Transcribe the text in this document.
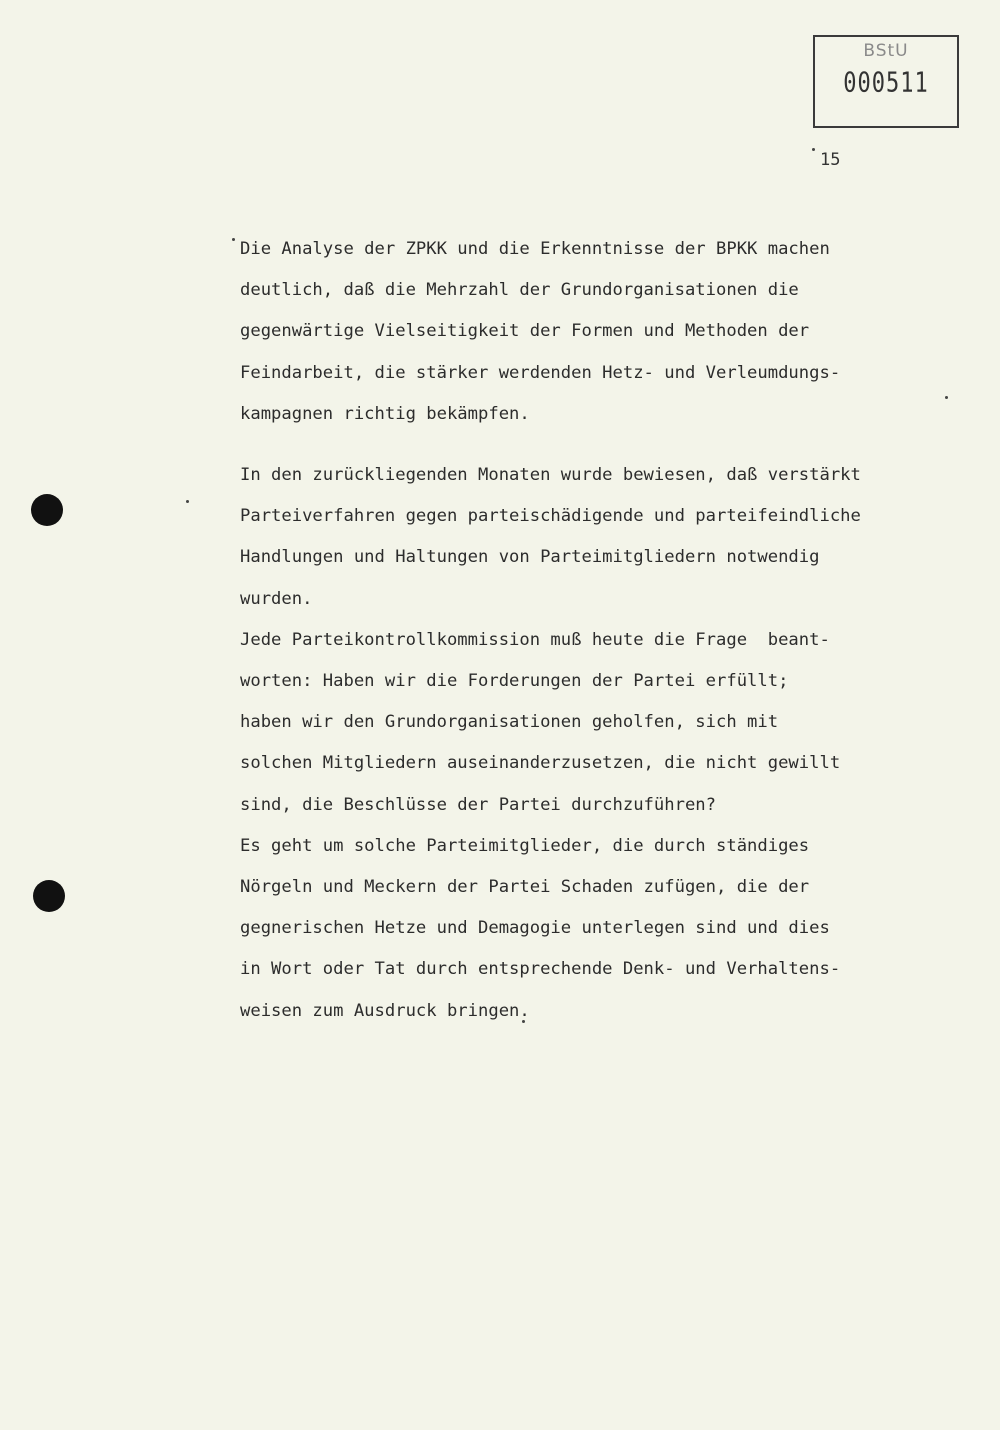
BStU
000511
15

Die Analyse der ZPKK und die Erkenntnisse der BPKK machen

deutlich, daß die Mehrzahl der Grundorganisationen die

gegenwärtige Vielseitigkeit der Formen und Methoden der

Feindarbeit, die stärker werdenden Hetz- und Verleumdungs-

kampagnen richtig bekämpfen.

In den zurückliegenden Monaten wurde bewiesen, daß verstärkt

Parteiverfahren gegen parteischädigende und parteifeindliche

Handlungen und Haltungen von Parteimitgliedern notwendig

wurden.

Jede Parteikontrollkommission muß heute die Frage  beant-

worten: Haben wir die Forderungen der Partei erfüllt;

haben wir den Grundorganisationen geholfen, sich mit

solchen Mitgliedern auseinanderzusetzen, die nicht gewillt

sind, die Beschlüsse der Partei durchzuführen?

Es geht um solche Parteimitglieder, die durch ständiges

Nörgeln und Meckern der Partei Schaden zufügen, die der

gegnerischen Hetze und Demagogie unterlegen sind und dies

in Wort oder Tat durch entsprechende Denk- und Verhaltens-

weisen zum Ausdruck bringen.
